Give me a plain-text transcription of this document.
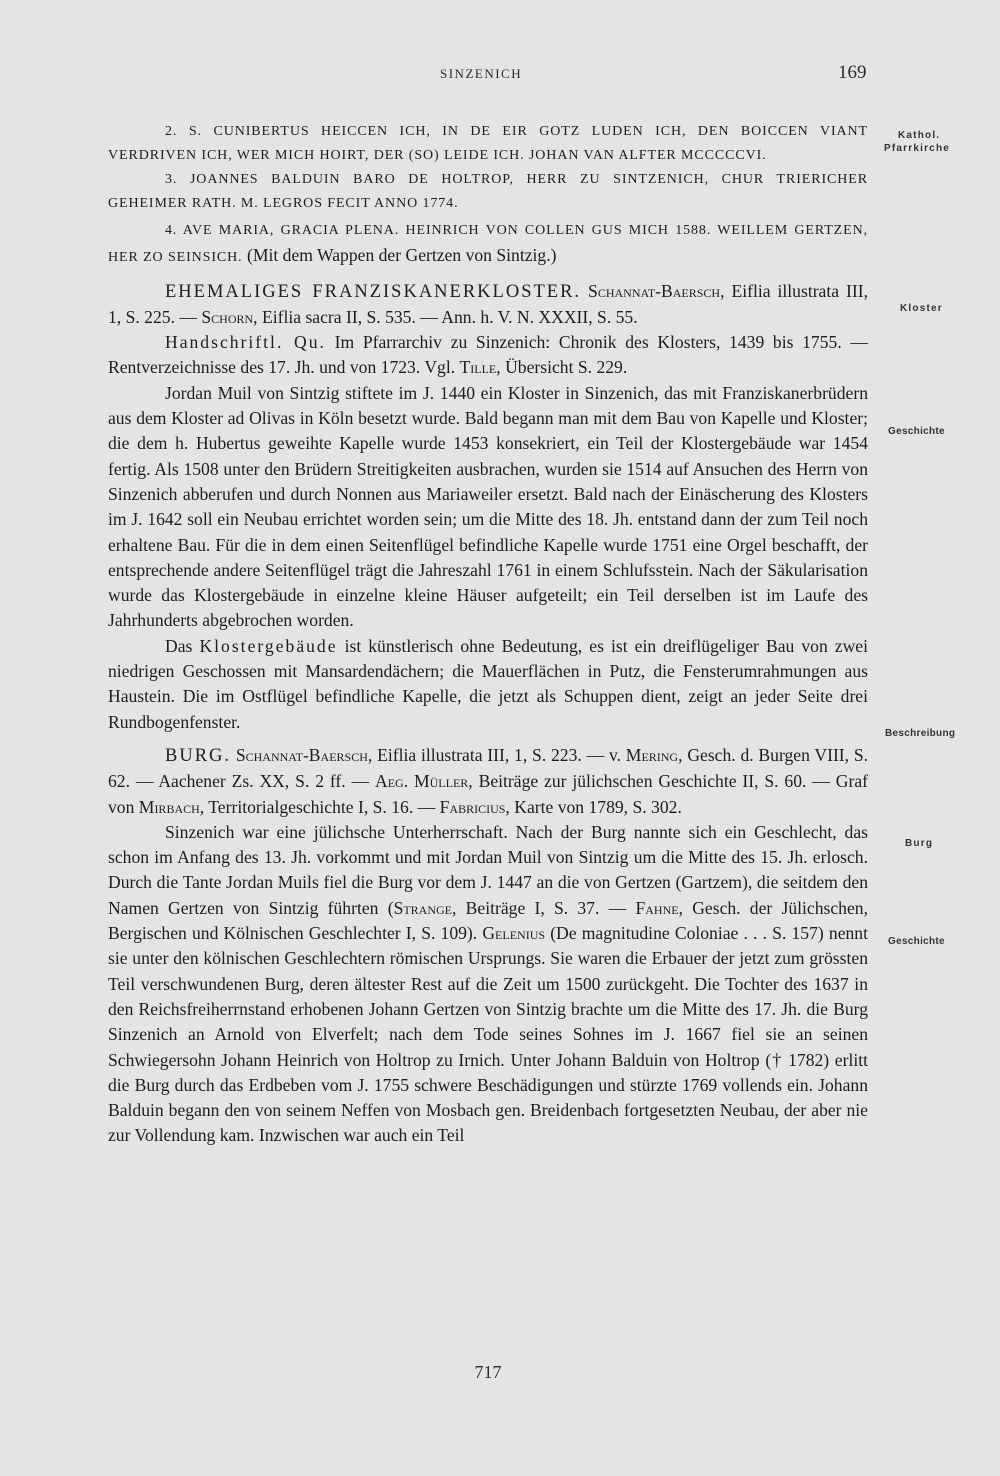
SINZENICH	169
Kathol.
Pfarrkirche
Kloster
Geschichte
Beschreibung
Burg
Geschichte

2. S. CUNIBERTUS HEICCEN ICH, IN DE EIR GOTZ LUDEN ICH, DEN BOICCEN VIANT VERDRIVEN ICH, WER MICH HOIRT, DER (SO) LEIDE ICH. JOHAN VAN ALFTER MCCCCCVI.

3. JOANNES BALDUIN BARO DE HOLTROP, HERR ZU SINTZENICH, CHUR TRIERICHER GEHEIMER RATH. M. LEGROS FECIT ANNO 1774.

4. AVE MARIA, GRACIA PLENA. HEINRICH VON COLLEN GUS MICH 1588. WEILLEM GERTZEN, HER ZO SEINSICH. (Mit dem Wappen der Gertzen von Sintzig.)

EHEMALIGES FRANZISKANERKLOSTER. Schannat-Baersch, Eiflia illustrata III, 1, S. 225. — Schorn, Eiflia sacra II, S. 535. — Ann. h. V. N. XXXII, S. 55.

Handschriftl. Qu. Im Pfarrarchiv zu Sinzenich: Chronik des Klosters, 1439 bis 1755. — Rentverzeichnisse des 17. Jh. und von 1723. Vgl. Tille, Übersicht S. 229.

Jordan Muil von Sintzig stiftete im J. 1440 ein Kloster in Sinzenich, das mit Franziskanerbrüdern aus dem Kloster ad Olivas in Köln besetzt wurde. Bald begann man mit dem Bau von Kapelle und Kloster; die dem h. Hubertus geweihte Kapelle wurde 1453 konsekriert, ein Teil der Klostergebäude war 1454 fertig. Als 1508 unter den Brüdern Streitigkeiten ausbrachen, wurden sie 1514 auf Ansuchen des Herrn von Sinzenich abberufen und durch Nonnen aus Mariaweiler ersetzt. Bald nach der Einäscherung des Klosters im J. 1642 soll ein Neubau errichtet worden sein; um die Mitte des 18. Jh. entstand dann der zum Teil noch erhaltene Bau. Für die in dem einen Seitenflügel befindliche Kapelle wurde 1751 eine Orgel beschafft, der entsprechende andere Seitenflügel trägt die Jahreszahl 1761 in einem Schlufsstein. Nach der Säkularisation wurde das Klostergebäude in einzelne kleine Häuser aufgeteilt; ein Teil derselben ist im Laufe des Jahrhunderts abgebrochen worden.

Das Klostergebäude ist künstlerisch ohne Bedeutung, es ist ein dreiflügeliger Bau von zwei niedrigen Geschossen mit Mansardendächern; die Mauerflächen in Putz, die Fensterumrahmungen aus Haustein. Die im Ostflügel befindliche Kapelle, die jetzt als Schuppen dient, zeigt an jeder Seite drei Rundbogenfenster.

BURG. Schannat-Baersch, Eiflia illustrata III, 1, S. 223. — v. Mering, Gesch. d. Burgen VIII, S. 62. — Aachener Zs. XX, S. 2 ff. — Aeg. Müller, Beiträge zur jülichschen Geschichte II, S. 60. — Graf von Mirbach, Territorialgeschichte I, S. 16. — Fabricius, Karte von 1789, S. 302.

Sinzenich war eine jülichsche Unterherrschaft. Nach der Burg nannte sich ein Geschlecht, das schon im Anfang des 13. Jh. vorkommt und mit Jordan Muil von Sintzig um die Mitte des 15. Jh. erlosch. Durch die Tante Jordan Muils fiel die Burg vor dem J. 1447 an die von Gertzen (Gartzem), die seitdem den Namen Gertzen von Sintzig führten (Strange, Beiträge I, S. 37. — Fahne, Gesch. der Jülichschen, Bergischen und Kölnischen Geschlechter I, S. 109). Gelenius (De magnitudine Coloniae . . . S. 157) nennt sie unter den kölnischen Geschlechtern römischen Ursprungs. Sie waren die Erbauer der jetzt zum grössten Teil verschwundenen Burg, deren ältester Rest auf die Zeit um 1500 zurückgeht. Die Tochter des 1637 in den Reichsfreiherrnstand erhobenen Johann Gertzen von Sintzig brachte um die Mitte des 17. Jh. die Burg Sinzenich an Arnold von Elverfelt; nach dem Tode seines Sohnes im J. 1667 fiel sie an seinen Schwiegersohn Johann Heinrich von Holtrop zu Irnich. Unter Johann Balduin von Holtrop († 1782) erlitt die Burg durch das Erdbeben vom J. 1755 schwere Beschädigungen und stürzte 1769 vollends ein. Johann Balduin begann den von seinem Neffen von Mosbach gen. Breidenbach fortgesetzten Neubau, der aber nie zur Vollendung kam. Inzwischen war auch ein Teil

717
